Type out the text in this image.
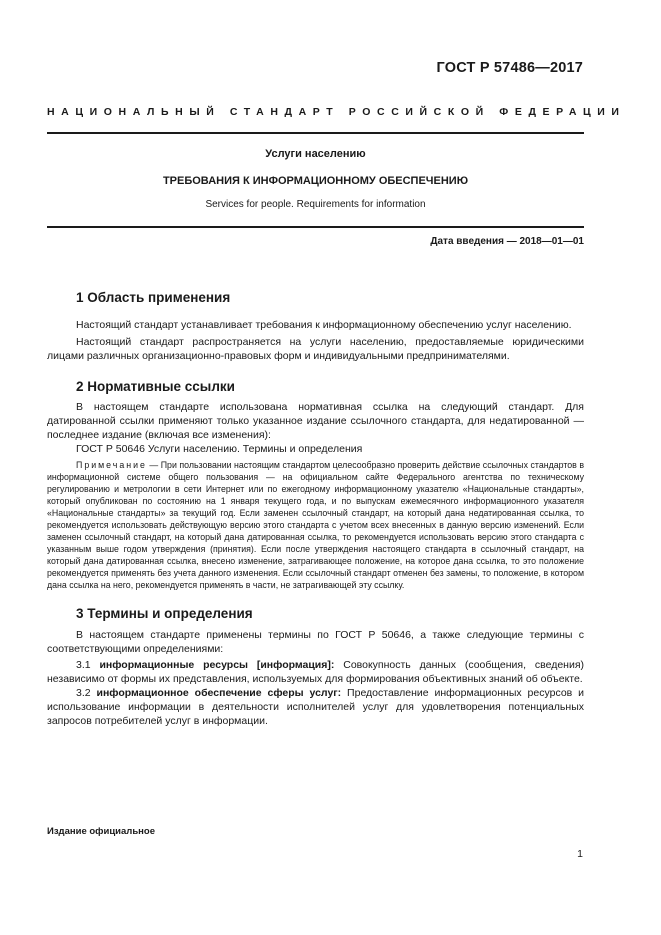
ГОСТ Р 57486—2017
НАЦИОНАЛЬНЫЙ СТАНДАРТ РОССИЙСКОЙ ФЕДЕРАЦИИ
Услуги населению
ТРЕБОВАНИЯ К ИНФОРМАЦИОННОМУ ОБЕСПЕЧЕНИЮ
Services for people. Requirements for information
Дата введения — 2018—01—01

1 Область применения

Настоящий стандарт устанавливает требования к информационному обеспечению услуг населению.

Настоящий стандарт распространяется на услуги населению, предоставляемые юридическими лицами различных организационно-правовых форм и индивидуальными предпринимателями.

2 Нормативные ссылки

В настоящем стандарте использована нормативная ссылка на следующий стандарт. Для датированной ссылки применяют только указанное издание ссылочного стандарта, для недатированной — последнее издание (включая все изменения):

ГОСТ Р 50646 Услуги населению. Термины и определения

Примечание — При пользовании настоящим стандартом целесообразно проверить действие ссылочных стандартов в информационной системе общего пользования — на официальном сайте Федерального агентства по техническому регулированию и метрологии в сети Интернет или по ежегодному информационному указателю «Национальные стандарты», который опубликован по состоянию на 1 января текущего года, и по выпускам ежемесячного информационного указателя «Национальные стандарты» за текущий год. Если заменен ссылочный стандарт, на который дана недатированная ссылка, то рекомендуется использовать действующую версию этого стандарта с учетом всех внесенных в данную версию изменений. Если заменен ссылочный стандарт, на который дана датированная ссылка, то рекомендуется использовать версию этого стандарта с указанным выше годом утверждения (принятия). Если после утверждения настоящего стандарта в ссылочный стандарт, на который дана датированная ссылка, внесено изменение, затрагивающее положение, на которое дана ссылка, то это положение рекомендуется применять без учета данного изменения. Если ссылочный стандарт отменен без замены, то положение, в котором дана ссылка на него, рекомендуется применять в части, не затрагивающей эту ссылку.

3 Термины и определения

В настоящем стандарте применены термины по ГОСТ Р 50646, а также следующие термины с соответствующими определениями:

3.1 информационные ресурсы [информация]: Совокупность данных (сообщения, сведения) независимо от формы их представления, используемых для формирования объективных знаний об объекте.

3.2 информационное обеспечение сферы услуг: Предоставление информационных ресурсов и использование информации в деятельности исполнителей услуг для удовлетворения потенциальных запросов потребителей услуг в информации.

Издание официальное
1
